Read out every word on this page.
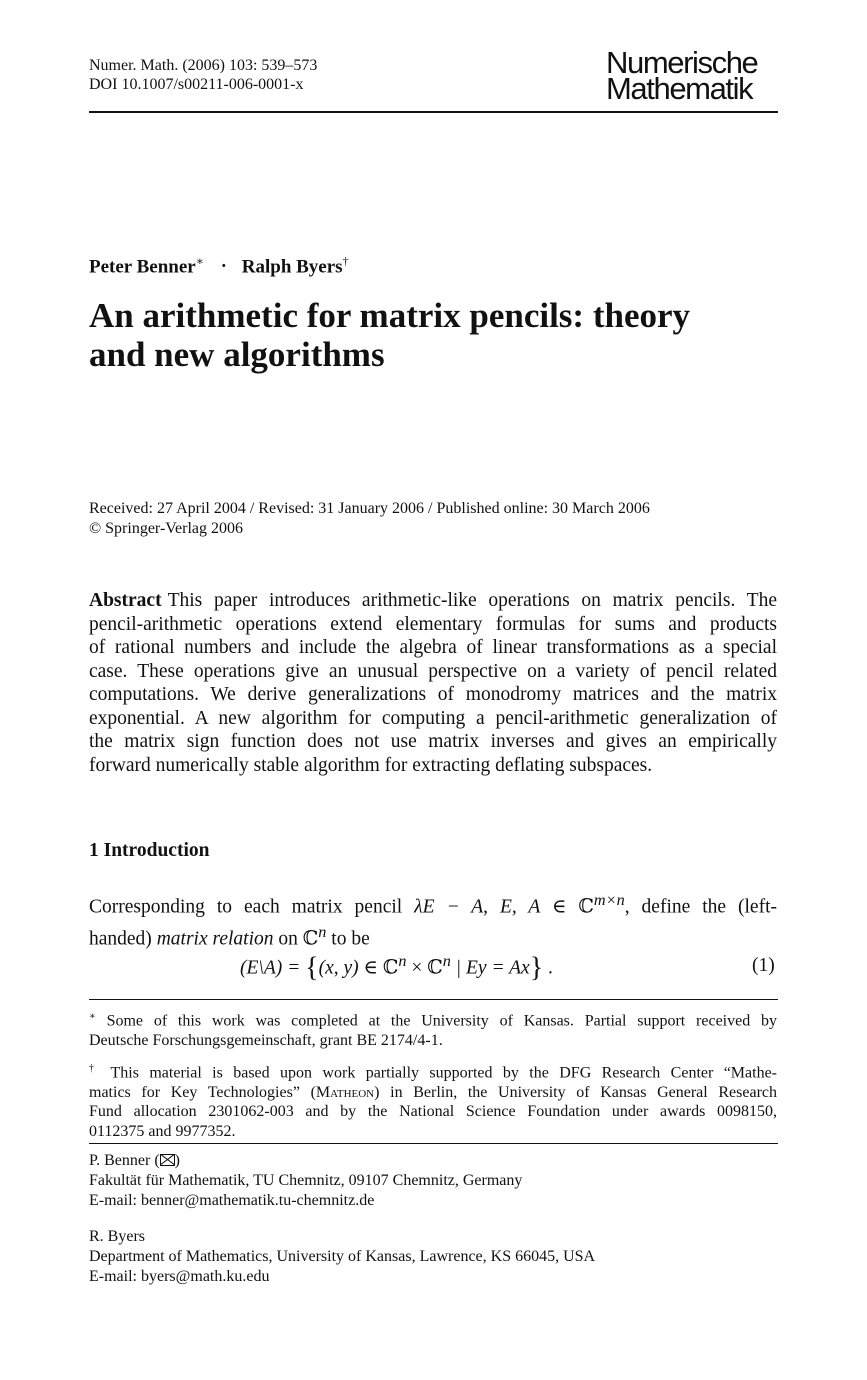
Numer. Math. (2006) 103: 539–573
DOI 10.1007/s00211-006-0001-x
Numerische
Mathematik
Peter Benner∗ · Ralph Byers†
An arithmetic for matrix pencils: theory
and new algorithms
Received: 27 April 2004 / Revised: 31 January 2006 / Published online: 30 March 2006
© Springer-Verlag 2006
Abstract This paper introduces arithmetic-like operations on matrix pencils. The
pencil-arithmetic operations extend elementary formulas for sums and products
of rational numbers and include the algebra of linear transformations as a special
case. These operations give an unusual perspective on a variety of pencil related
computations. We derive generalizations of monodromy matrices and the matrix
exponential. A new algorithm for computing a pencil-arithmetic generalization of
the matrix sign function does not use matrix inverses and gives an empirically
forward numerically stable algorithm for extracting deflating subspaces.
1 Introduction
Corresponding to each matrix pencil λE − A, E, A ∈ ℂ$^{m\times n}$, define the (left-
handed) matrix relation on ℂ$^n$ to be
(E\A) = {(x, y) ∈ ℂ$^n$ × ℂ$^n$ | Ey = Ax} .	(1)
∗ Some of this work was completed at the University of Kansas. Partial support received by
Deutsche Forschungsgemeinschaft, grant BE 2174/4-1.
† This material is based upon work partially supported by the DFG Research Center “Mathe-
matics for Key Technologies” (Matheon) in Berlin, the University of Kansas General Research
Fund allocation 2301062-003 and by the National Science Foundation under awards 0098150,
0112375 and 9977352.
P. Benner ( )
Fakultät für Mathematik, TU Chemnitz, 09107 Chemnitz, Germany
E-mail: benner@mathematik.tu-chemnitz.de
R. Byers
Department of Mathematics, University of Kansas, Lawrence, KS 66045, USA
E-mail: byers@math.ku.edu
